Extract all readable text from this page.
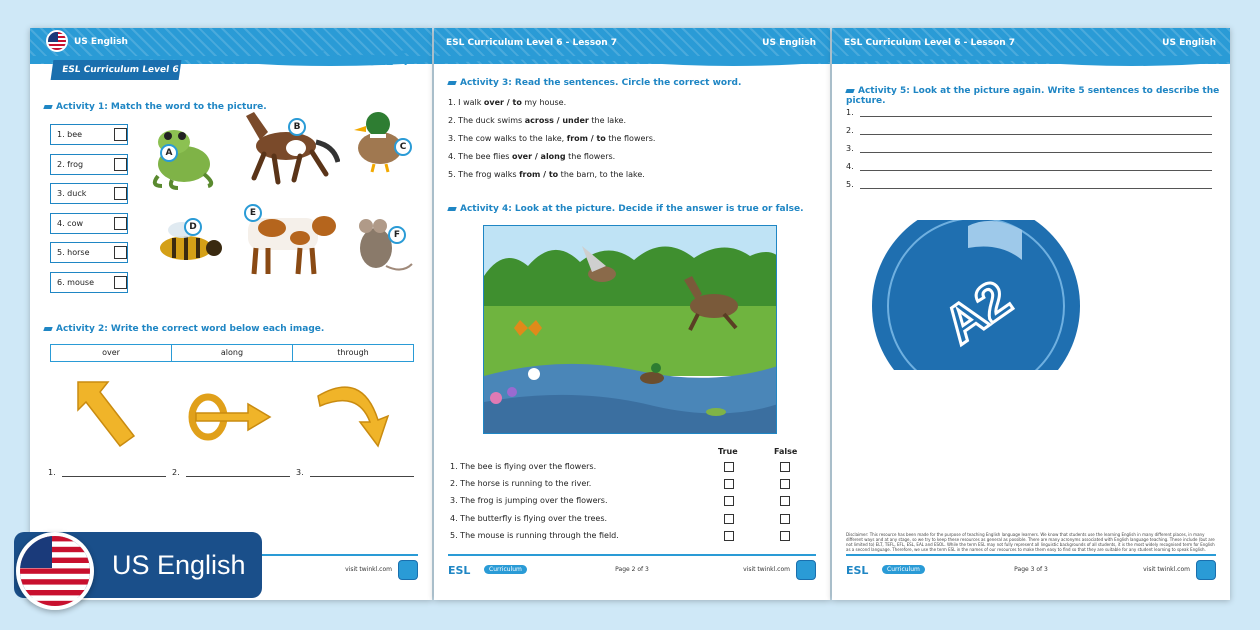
US English
ESL Curriculum Level 6	Lesson 7
Activity 1: Match the word to the picture.
1. bee
2. frog
3. duck
4. cow
5. horse
6. mouse
A
B
C
D
E
F
Activity 2: Write the correct word below each image.
over	along	through
1.	2.	3.
visit twinkl.com
ESL Curriculum Level 6 - Lesson 7	US English
Activity 3: Read the sentences. Circle the correct word.
1. I walk over / to my house.
2. The duck swims across / under the lake.
3. The cow walks to the lake, from / to the flowers.
4. The bee flies over / along the flowers.
5. The frog walks from / to the barn, to the lake.
Activity 4: Look at the picture. Decide if the answer is true or false.
True	False
1. The bee is flying over the flowers.
2. The horse is running to the river.
3. The frog is jumping over the flowers.
4. The butterfly is flying over the trees.
5. The mouse is running through the field.
ESL	Curriculum	Page 2 of 3	visit twinkl.com
ESL Curriculum Level 6 - Lesson 7	US English
Activity 5: Look at the picture again. Write 5 sentences to describe the picture.
1.
2.
3.
4.
5.
A2
Disclaimer: This resource has been made for the purpose of teaching English language learners. We know that students use the learning English in many different places, in many different ways and at any stage, so we try to keep these resources as general as possible. There are many acronyms associated with English language teaching. These include (but are not limited to) ELT, TEFL, EFL, ESL, EAL and ESOL. While the term ESL may not fully represent all linguistic backgrounds of all students, it is the most widely recognised term for English as a second language. Therefore, we use the term ESL in the names of our resources to make them easy to find so that they are suitable for any student learning to speak English.
ESL	Curriculum	Page 3 of 3	visit twinkl.com
US English
